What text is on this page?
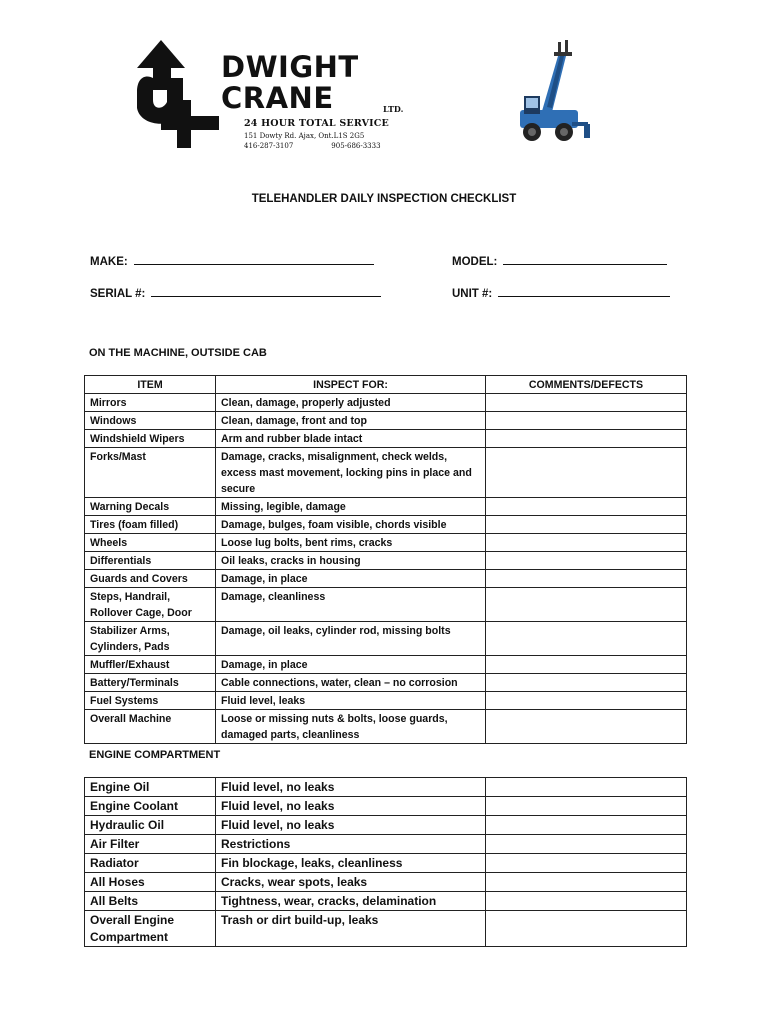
DWIGHT
CRANE	LTD.
24 HOUR TOTAL SERVICE
151 Dowty Rd. Ajax, Ont.L1S 2G5
416-287-3107	905-686-3333
TELEHANDLER DAILY INSPECTION CHECKLIST
MAKE:	MODEL:
SERIAL #:	UNIT #:
ON THE MACHINE, OUTSIDE CAB
ITEM	INSPECT FOR:	COMMENTS/DEFECTS
Mirrors	Clean, damage, properly adjusted	
Windows	Clean, damage, front and top	
Windshield Wipers	Arm and rubber blade intact	
Forks/Mast	Damage, cracks, misalignment, check welds, excess mast movement, locking pins in place and secure	
Warning Decals	Missing, legible, damage	
Tires (foam filled)	Damage, bulges, foam visible, chords visible	
Wheels	Loose lug bolts, bent rims, cracks	
Differentials	Oil leaks, cracks in housing	
Guards and Covers	Damage, in place	
Steps, Handrail, Rollover Cage, Door	Damage, cleanliness	
Stabilizer Arms, Cylinders, Pads	Damage, oil leaks, cylinder rod, missing bolts	
Muffler/Exhaust	Damage, in place	
Battery/Terminals	Cable connections, water, clean – no corrosion	
Fuel Systems	Fluid level, leaks	
Overall Machine	Loose or missing nuts & bolts, loose guards, damaged parts, cleanliness	
ENGINE COMPARTMENT
Engine Oil	Fluid level, no leaks	
Engine Coolant	Fluid level, no leaks	
Hydraulic Oil	Fluid level, no leaks	
Air Filter	Restrictions	
Radiator	Fin blockage, leaks, cleanliness	
All Hoses	Cracks, wear spots, leaks	
All Belts	Tightness, wear, cracks, delamination	
Overall Engine Compartment	Trash or dirt build-up, leaks	
